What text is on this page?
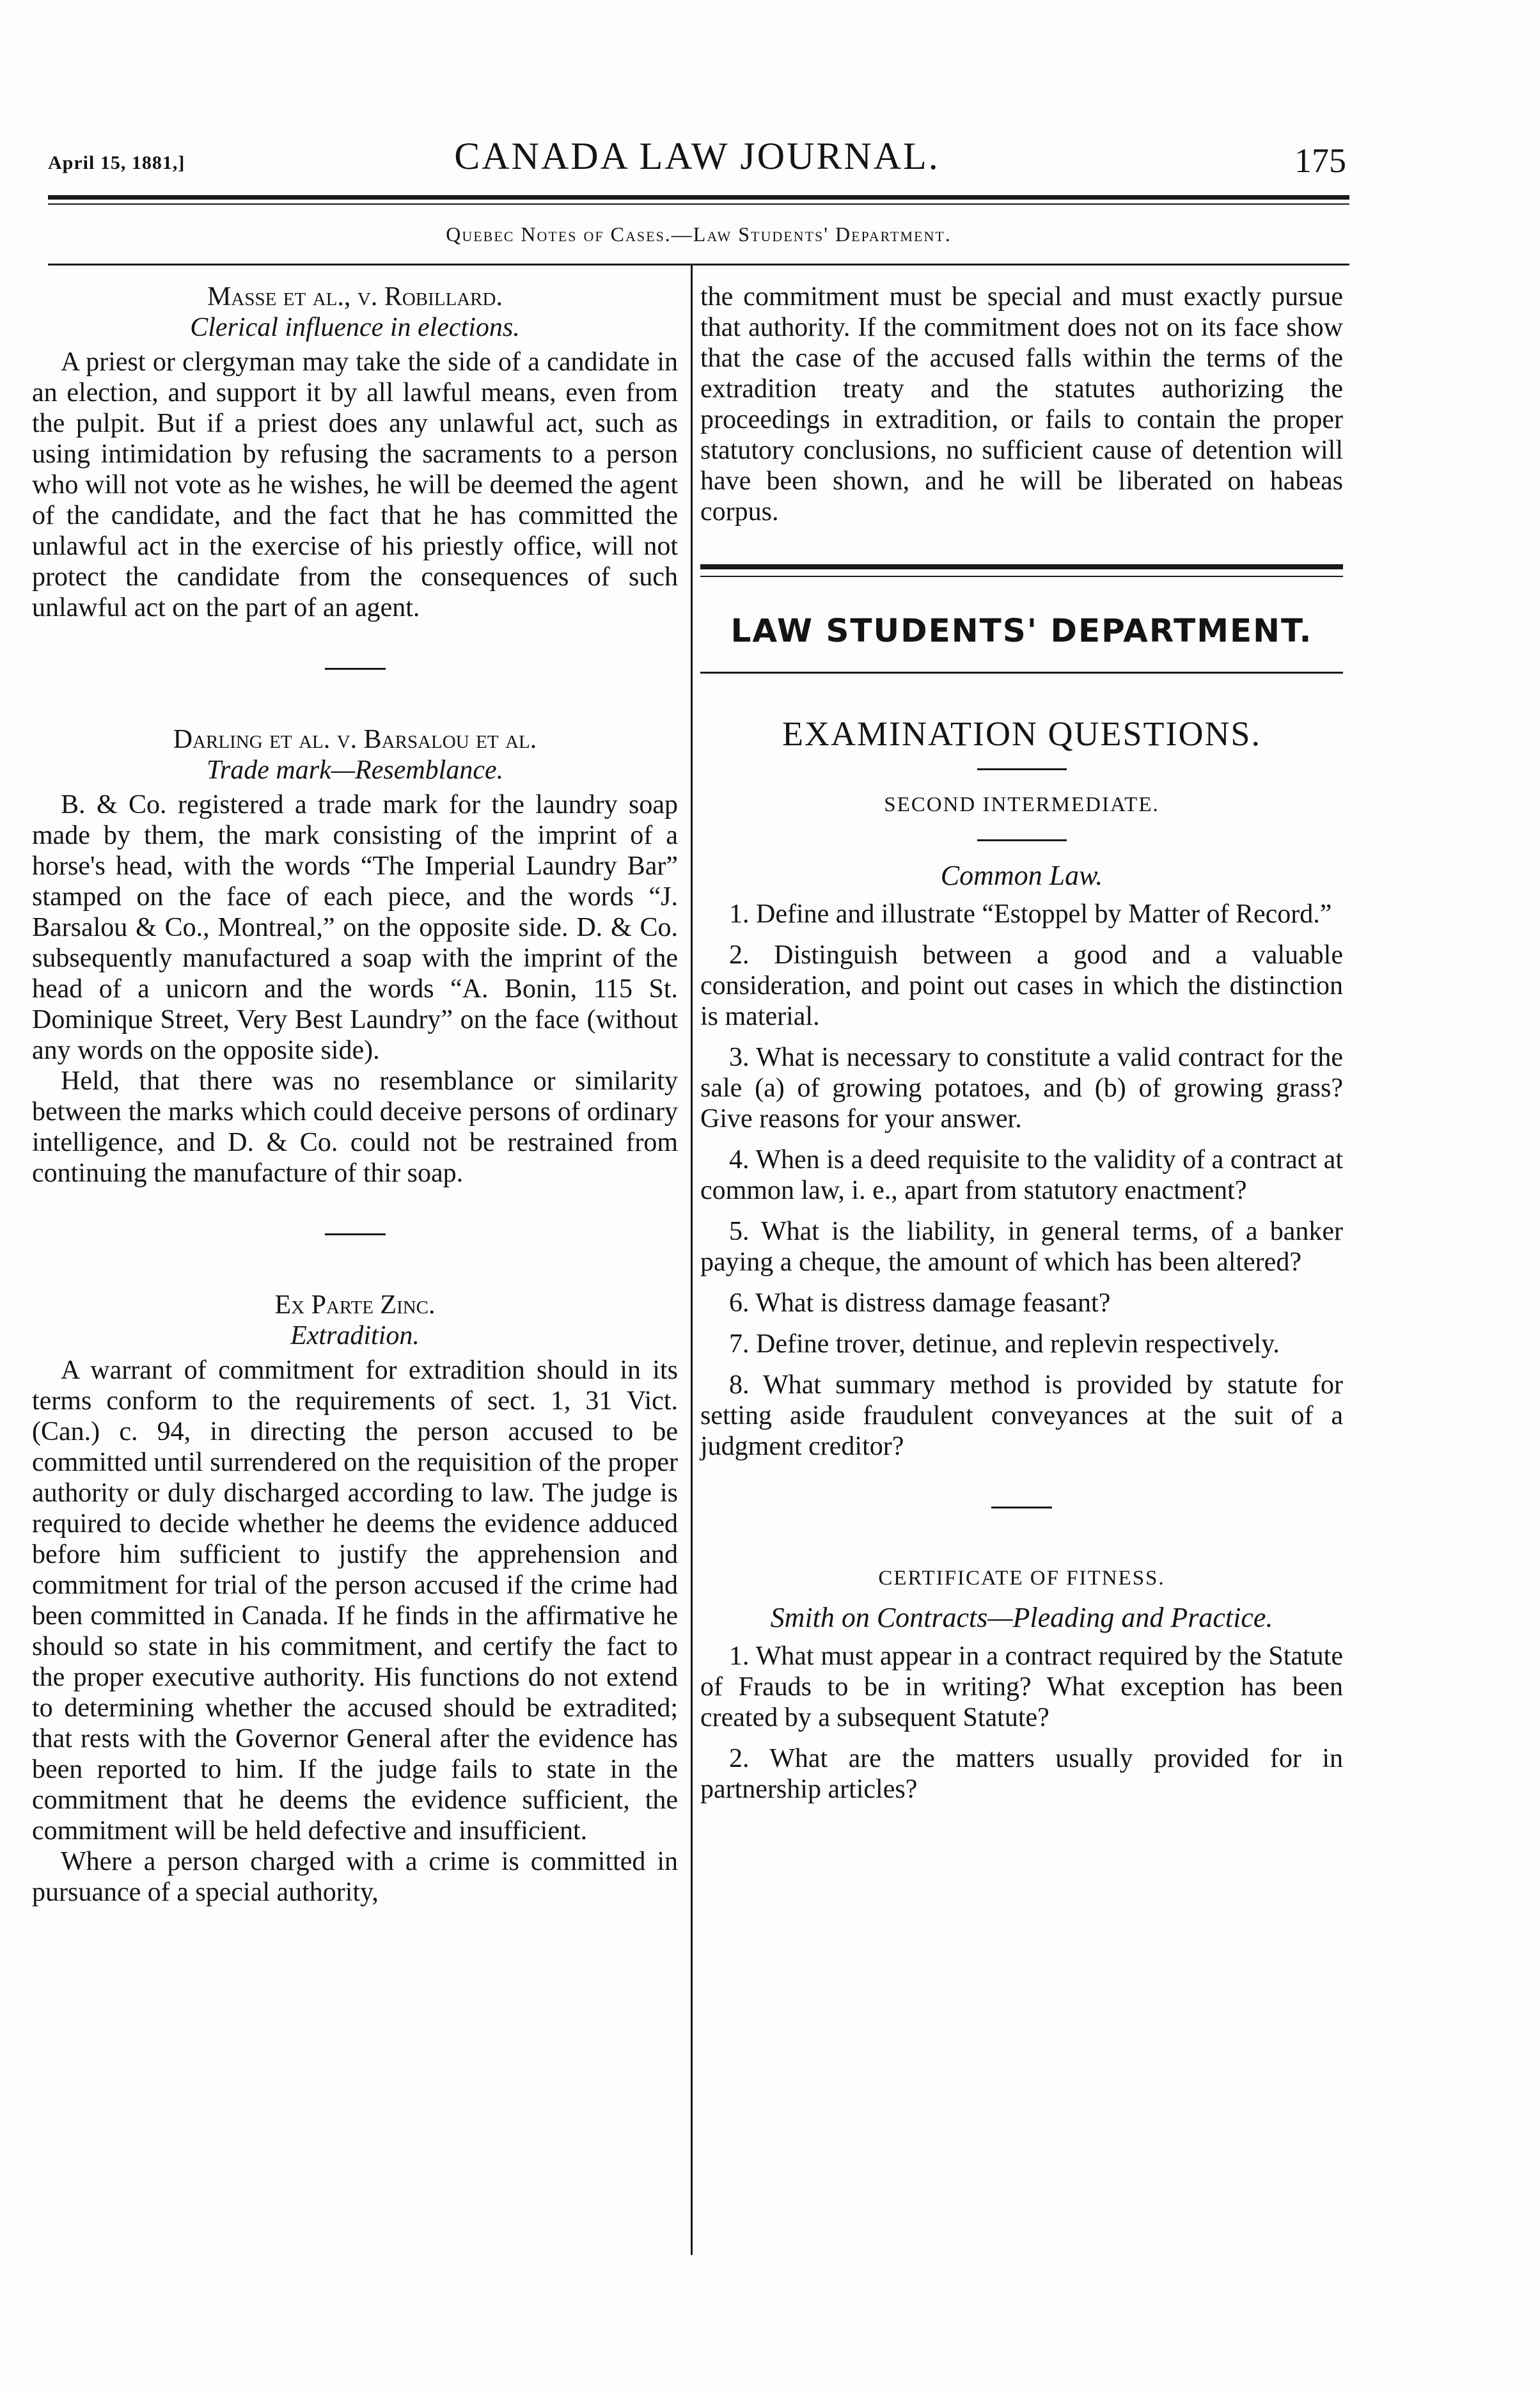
April 15, 1881,]	CANADA LAW JOURNAL.	175
Quebec Notes of Cases.—Law Students' Department.

Masse et al., v. Robillard.

Clerical influence in elections.

A priest or clergyman may take the side of a candidate in an election, and support it by all lawful means, even from the pulpit. But if a priest does any unlawful act, such as using intimidation by refusing the sacraments to a person who will not vote as he wishes, he will be deemed the agent of the candidate, and the fact that he has committed the unlawful act in the exercise of his priestly office, will not protect the candidate from the consequences of such unlawful act on the part of an agent.

Darling et al. v. Barsalou et al.

Trade mark—Resemblance.

B. & Co. registered a trade mark for the laundry soap made by them, the mark consisting of the imprint of a horse's head, with the words “The Imperial Laundry Bar” stamped on the face of each piece, and the words “J. Barsalou & Co., Montreal,” on the opposite side. D. & Co. subsequently manufactured a soap with the imprint of the head of a unicorn and the words “A. Bonin, 115 St. Dominique Street, Very Best Laundry” on the face (without any words on the opposite side).

Held, that there was no resemblance or similarity between the marks which could deceive persons of ordinary intelligence, and D. & Co. could not be restrained from continuing the manufacture of thir soap.

Ex Parte Zinc.

Extradition.

A warrant of commitment for extradition should in its terms conform to the requirements of sect. 1, 31 Vict. (Can.) c. 94, in directing the person accused to be committed until surrendered on the requisition of the proper authority or duly discharged according to law. The judge is required to decide whether he deems the evidence adduced before him sufficient to justify the apprehension and commitment for trial of the person accused if the crime had been committed in Canada. If he finds in the affirmative he should so state in his commitment, and certify the fact to the proper executive authority. His functions do not extend to determining whether the accused should be extradited; that rests with the Governor General after the evidence has been reported to him. If the judge fails to state in the commitment that he deems the evidence sufficient, the commitment will be held defective and insufficient.

Where a person charged with a crime is committed in pursuance of a special authority,

the commitment must be special and must exactly pursue that authority. If the commitment does not on its face show that the case of the accused falls within the terms of the extradition treaty and the statutes authorizing the proceedings in extradition, or fails to contain the proper statutory conclusions, no sufficient cause of detention will have been shown, and he will be liberated on habeas corpus.

LAW STUDENTS' DEPARTMENT.

EXAMINATION QUESTIONS.

SECOND INTERMEDIATE.

Common Law.

1. Define and illustrate “Estoppel by Matter of Record.”

2. Distinguish between a good and a valuable consideration, and point out cases in which the distinction is material.

3. What is necessary to constitute a valid contract for the sale (a) of growing potatoes, and (b) of growing grass? Give reasons for your answer.

4. When is a deed requisite to the validity of a contract at common law, i. e., apart from statutory enactment?

5. What is the liability, in general terms, of a banker paying a cheque, the amount of which has been altered?

6. What is distress damage feasant?

7. Define trover, detinue, and replevin respectively.

8. What summary method is provided by statute for setting aside fraudulent conveyances at the suit of a judgment creditor?

CERTIFICATE OF FITNESS.

Smith on Contracts—Pleading and Practice.

1. What must appear in a contract required by the Statute of Frauds to be in writing? What exception has been created by a subsequent Statute?

2. What are the matters usually provided for in partnership articles?
